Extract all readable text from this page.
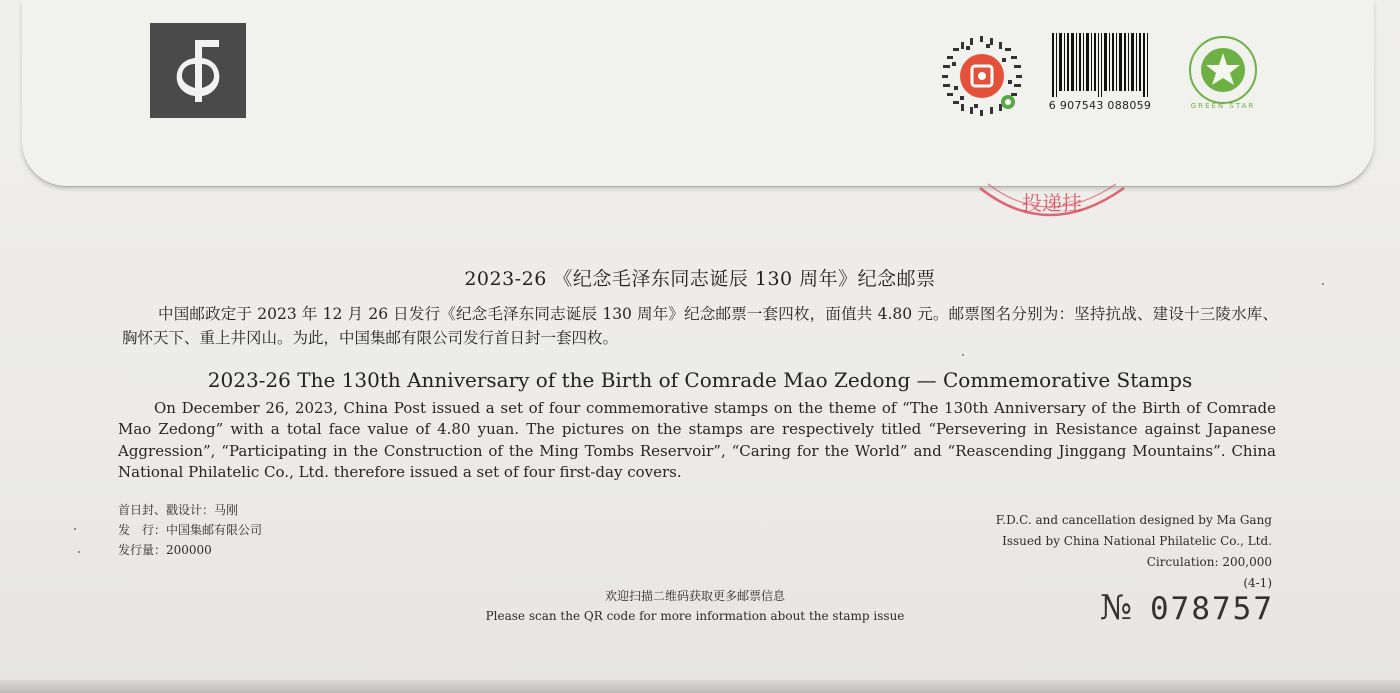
6 907543 088059	GREEN STAR
投递挂
2023-26 《纪念毛泽东同志诞辰 130 周年》纪念邮票
中国邮政定于 2023 年 12 月 26 日发行《纪念毛泽东同志诞辰 130 周年》纪念邮票一套四枚，面值共 4.80 元。邮票图名分别为：坚持抗战、建设十三陵水库、胸怀天下、重上井冈山。为此，中国集邮有限公司发行首日封一套四枚。
2023-26 The 130th Anniversary of the Birth of Comrade Mao Zedong — Commemorative Stamps
On December 26, 2023, China Post issued a set of four commemorative stamps on the theme of “The 130th Anniversary of the Birth of Comrade Mao Zedong” with a total face value of 4.80 yuan. The pictures on the stamps are respectively titled “Persevering in Resistance against Japanese Aggression”, “Participating in the Construction of the Ming Tombs Reservoir”, “Caring for the World” and “Reascending Jinggang Mountains”. China National Philatelic Co., Ltd. therefore issued a set of four first-day covers.
首日封、戳设计：马刚
发　行：中国集邮有限公司
发行量：200000
F.D.C. and cancellation designed by Ma Gang
Issued by China National Philatelic Co., Ltd.
Circulation: 200,000
(4-1)
欢迎扫描二维码获取更多邮票信息
Please scan the QR code for more information about the stamp issue	№ 078757
